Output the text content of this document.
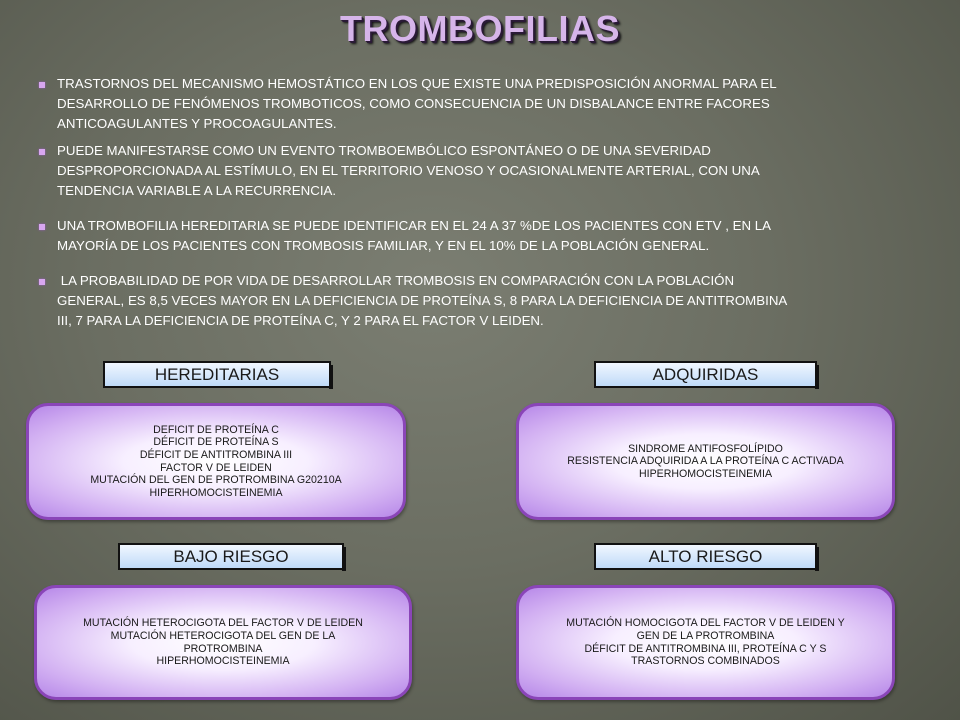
TROMBOFILIAS
TRASTORNOS DEL MECANISMO HEMOSTÁTICO EN LOS QUE EXISTE UNA PREDISPOSICIÓN ANORMAL PARA EL
DESARROLLO DE FENÓMENOS TROMBOTICOS, COMO CONSECUENCIA DE UN DISBALANCE ENTRE FACORES
ANTICOAGULANTES Y PROCOAGULANTES.
PUEDE MANIFESTARSE COMO UN EVENTO TROMBOEMBÓLICO ESPONTÁNEO O DE UNA SEVERIDAD
DESPROPORCIONADA AL ESTÍMULO, EN EL TERRITORIO VENOSO Y OCASIONALMENTE ARTERIAL, CON UNA
TENDENCIA VARIABLE A LA RECURRENCIA.
UNA TROMBOFILIA HEREDITARIA SE PUEDE IDENTIFICAR EN EL 24 A 37 %DE LOS PACIENTES CON ETV , EN LA
MAYORÍA DE LOS PACIENTES CON TROMBOSIS FAMILIAR, Y EN EL 10% DE LA POBLACIÓN GENERAL.
LA PROBABILIDAD DE POR VIDA DE DESARROLLAR TROMBOSIS EN COMPARACIÓN CON LA POBLACIÓN
GENERAL, ES 8,5 VECES MAYOR EN LA DEFICIENCIA DE PROTEÍNA S, 8 PARA LA DEFICIENCIA DE ANTITROMBINA
III, 7 PARA LA DEFICIENCIA DE PROTEÍNA C, Y 2 PARA EL FACTOR V LEIDEN.
HEREDITARIAS
DEFICIT DE PROTEÍNA C
DÉFICIT DE PROTEÍNA S
DÉFICIT DE ANTITROMBINA III
FACTOR V DE LEIDEN
MUTACIÓN DEL GEN DE PROTROMBINA G20210A
HIPERHOMOCISTEINEMIA
ADQUIRIDAS
SINDROME ANTIFOSFOLÍPIDO
RESISTENCIA ADQUIRIDA A LA PROTEÍNA C ACTIVADA
HIPERHOMOCISTEINEMIA
BAJO RIESGO
MUTACIÓN HETEROCIGOTA DEL FACTOR V DE LEIDEN
MUTACIÓN HETEROCIGOTA DEL GEN DE LA
PROTROMBINA
HIPERHOMOCISTEINEMIA
ALTO RIESGO
MUTACIÓN HOMOCIGOTA DEL FACTOR V DE LEIDEN Y
GEN DE LA PROTROMBINA
DÉFICIT DE ANTITROMBINA III, PROTEÍNA C Y S
TRASTORNOS COMBINADOS
